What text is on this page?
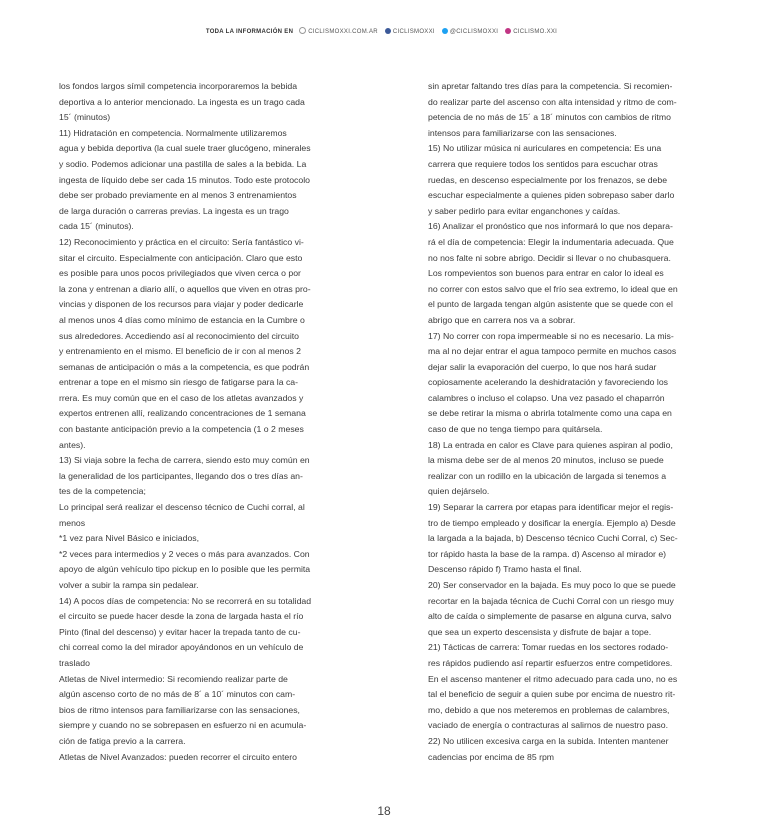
TODA LA INFORMACIÓN EN CICLISMOXXI.COM.AR CICLISMOXXI @CICLISMOXXI CICLISMO.XXI

los fondos largos símil competencia incorporaremos la bebida

deportiva a lo anterior mencionado. La ingesta es un trago cada

15´ (minutos)

11) Hidratación en competencia. Normalmente utilizaremos

agua y bebida deportiva (la cual suele traer glucógeno, minerales

y sodio. Podemos adicionar una pastilla de sales a la bebida. La

ingesta de líquido debe ser cada 15 minutos. Todo este protocolo

debe ser probado previamente en al menos 3 entrenamientos

de larga duración o carreras previas. La ingesta es un trago

cada 15´ (minutos).

12) Reconocimiento y práctica en el circuito: Sería fantástico vi-

sitar el circuito. Especialmente con anticipación. Claro que esto

es posible para unos pocos privilegiados que viven cerca o por

la zona y entrenan a diario allí, o aquellos que viven en otras pro-

vincias y disponen de los recursos para viajar y poder dedicarle

al menos unos 4 días como mínimo de estancia en la Cumbre o

sus alrededores. Accediendo así al reconocimiento del circuito

y entrenamiento en el mismo. El beneficio de ir con al menos 2

semanas de anticipación o más a la competencia, es que podrán

entrenar a tope en el mismo sin riesgo de fatigarse para la ca-

rrera. Es muy común que en el caso de los atletas avanzados y

expertos entrenen allí, realizando concentraciones de 1 semana

con bastante anticipación previo a la competencia (1 o 2 meses

antes).

13) Si viaja sobre la fecha de carrera, siendo esto muy común en

la generalidad de los participantes, llegando dos o tres días an-

tes de la competencia;

Lo principal será realizar el descenso técnico de Cuchi corral, al

menos

*1 vez para Nivel Básico e iniciados,

*2 veces para intermedios y 2 veces o más para avanzados. Con

apoyo de algún vehículo tipo pickup en lo posible que les permita

volver a subir la rampa sin pedalear.

14) A pocos días de competencia: No se recorrerá en su totalidad

el circuito se puede hacer desde la zona de largada hasta el río

Pinto (final del descenso) y evitar hacer la trepada tanto de cu-

chi correal como la del mirador apoyándonos en un vehículo de

traslado

Atletas de Nivel intermedio: Si recomiendo realizar parte de

algún ascenso corto de no más de 8´ a 10´ minutos con cam-

bios de ritmo intensos para familiarizarse con las sensaciones,

siempre y cuando no se sobrepasen en esfuerzo ni en acumula-

ción de fatiga previo a la carrera.

Atletas de Nivel Avanzados: pueden recorrer el circuito entero

sin apretar faltando tres días para la competencia. Si recomien-

do realizar parte del ascenso con alta intensidad y ritmo de com-

petencia de no más de 15´ a 18´ minutos con cambios de ritmo

intensos para familiarizarse con las sensaciones.

15) No utilizar música ni auriculares en competencia: Es una

carrera que requiere todos los sentidos para escuchar otras

ruedas, en descenso especialmente por los frenazos, se debe

escuchar especialmente a quienes piden sobrepaso saber darlo

y saber pedirlo para evitar enganchones y caídas.

16) Analizar el pronóstico que nos informará lo que nos depara-

rá el día de competencia: Elegir la indumentaria adecuada. Que

no nos falte ni sobre abrigo. Decidir si llevar o no chubasquera.

Los rompevientos son buenos para entrar en calor lo ideal es

no correr con estos salvo que el frío sea extremo, lo ideal que en

el punto de largada tengan algún asistente que se quede con el

abrigo que en carrera nos va a sobrar.

17) No correr con ropa impermeable si no es necesario. La mis-

ma al no dejar entrar el agua tampoco permite en muchos casos

dejar salir la evaporación del cuerpo, lo que nos hará sudar

copiosamente acelerando la deshidratación y favoreciendo los

calambres o incluso el colapso. Una vez pasado el chaparrón

se debe retirar la misma o abrirla totalmente como una capa en

caso de que no tenga tiempo para quitársela.

18) La entrada en calor es Clave para quienes aspiran al podio,

la misma debe ser de al menos 20 minutos, incluso se puede

realizar con un rodillo en la ubicación de largada si tenemos a

quien dejárselo.

19) Separar la carrera por etapas para identificar mejor el regis-

tro de tiempo empleado y dosificar la energía. Ejemplo a) Desde

la largada a la bajada, b) Descenso técnico Cuchi Corral, c) Sec-

tor rápido hasta la base de la rampa. d) Ascenso al mirador e)

Descenso rápido f) Tramo hasta el final.

20) Ser conservador en la bajada. Es muy poco lo que se puede

recortar en la bajada técnica de Cuchi Corral con un riesgo muy

alto de caída o simplemente de pasarse en alguna curva, salvo

que sea un experto descensista y disfrute de bajar a tope.

21) Tácticas de carrera: Tomar ruedas en los sectores rodado-

res rápidos pudiendo así repartir esfuerzos entre competidores.

En el ascenso mantener el ritmo adecuado para cada uno, no es

tal el beneficio de seguir a quien sube por encima de nuestro rit-

mo, debido a que nos meteremos en problemas de calambres,

vaciado de energía o contracturas al salirnos de nuestro paso.

22) No utilicen excesiva carga en la subida. Intenten mantener

cadencias por encima de 85 rpm

18
